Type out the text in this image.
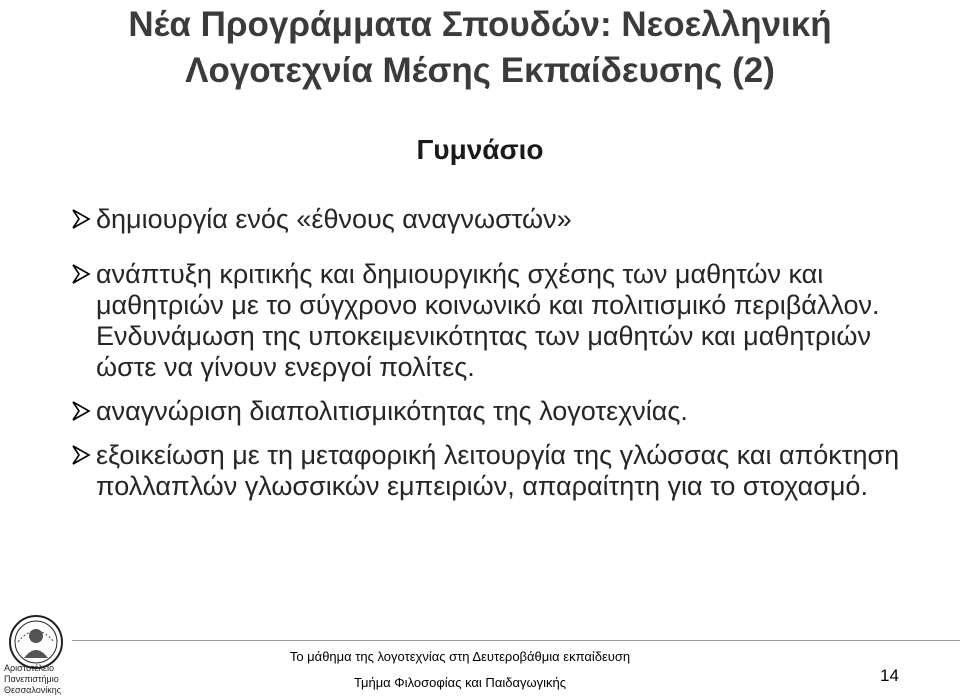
Νέα Προγράμματα Σπουδών: Νεοελληνική
Λογοτεχνία Μέσης Εκπαίδευσης (2)
Γυμνάσιο
δημιουργία ενός «έθνους αναγνωστών»
ανάπτυξη κριτικής και δημιουργικής σχέσης των μαθητών και μαθητριών με το σύγχρονο κοινωνικό και πολιτισμικό περιβάλλον. Ενδυνάμωση της υποκειμενικότητας των μαθητών και μαθητριών ώστε να γίνουν ενεργοί πολίτες.
αναγνώριση διαπολιτισμικότητας της λογοτεχνίας.
εξοικείωση με τη μεταφορική λειτουργία της γλώσσας και απόκτηση πολλαπλών γλωσσικών εμπειριών, απαραίτητη για το στοχασμό.
Αριστοτέλειο
Πανεπιστήμιο
Θεσσαλονίκης
Το μάθημα της λογοτεχνίας στη Δευτεροβάθμια εκπαίδευση
Τμήμα Φιλοσοφίας και Παιδαγωγικής	14
